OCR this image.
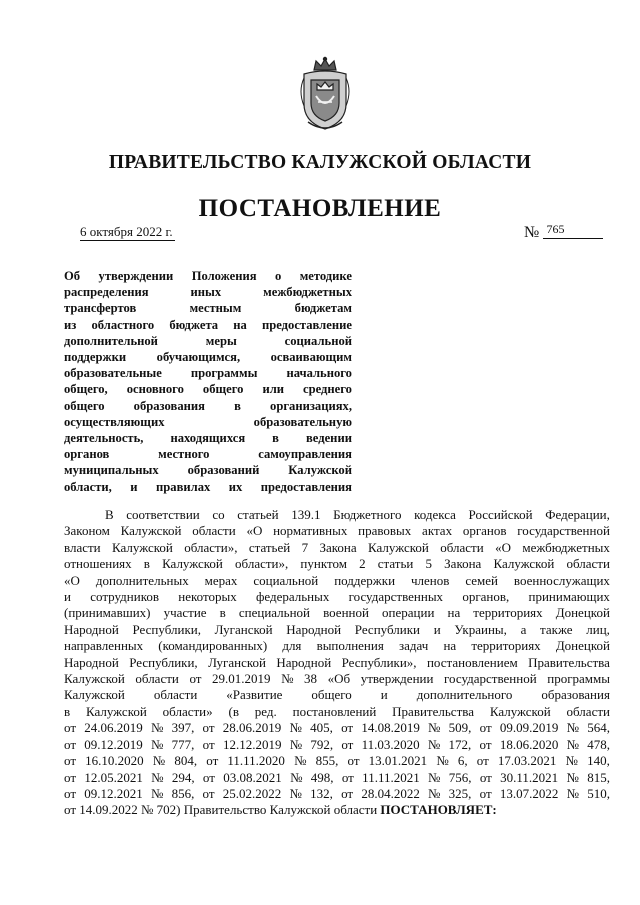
ПРАВИТЕЛЬСТВО КАЛУЖСКОЙ ОБЛАСТИ
ПОСТАНОВЛЕНИЕ
6 октября 2022 г.	№ 765
Об утверждении Положения о методике
распределения	иных	межбюджетных
трансфертов	местным	бюджетам
из областного бюджета на предоставление
дополнительной	меры	социальной
поддержки обучающимся, осваивающим
образовательные программы начального
общего, основного общего или среднего
общего образования в организациях,
осуществляющих	образовательную
деятельность, находящихся в ведении
органов	местного	самоуправления
муниципальных образований Калужской
области, и правилах их предоставления
В соответствии со статьей 139.1 Бюджетного кодекса Российской Федерации,
Законом Калужской области «О нормативных правовых актах органов государственной
власти Калужской области», статьей 7 Закона Калужской области «О межбюджетных
отношениях в Калужской области», пунктом 2 статьи 5 Закона Калужской области
«О дополнительных мерах социальной поддержки членов семей военнослужащих
и сотрудников некоторых федеральных государственных органов, принимающих
(принимавших) участие в специальной военной операции на территориях Донецкой
Народной Республики, Луганской Народной Республики и Украины, а также лиц,
направленных (командированных) для выполнения задач на территориях Донецкой
Народной Республики, Луганской Народной Республики», постановлением Правительства
Калужской области от 29.01.2019 № 38 «Об утверждении государственной программы
Калужской области «Развитие общего и дополнительного образования
в Калужской области» (в ред. постановлений Правительства Калужской области
от 24.06.2019 № 397, от 28.06.2019 № 405, от 14.08.2019 № 509, от 09.09.2019 № 564,
от 09.12.2019 № 777, от 12.12.2019 № 792, от 11.03.2020 № 172, от 18.06.2020 № 478,
от 16.10.2020 № 804, от 11.11.2020 № 855, от 13.01.2021 № 6, от 17.03.2021 № 140,
от 12.05.2021 № 294, от 03.08.2021 № 498, от 11.11.2021 № 756, от 30.11.2021 № 815,
от 09.12.2021 № 856, от 25.02.2022 № 132, от 28.04.2022 № 325, от 13.07.2022 № 510,
от 14.09.2022 № 702) Правительство Калужской области ПОСТАНОВЛЯЕТ:
